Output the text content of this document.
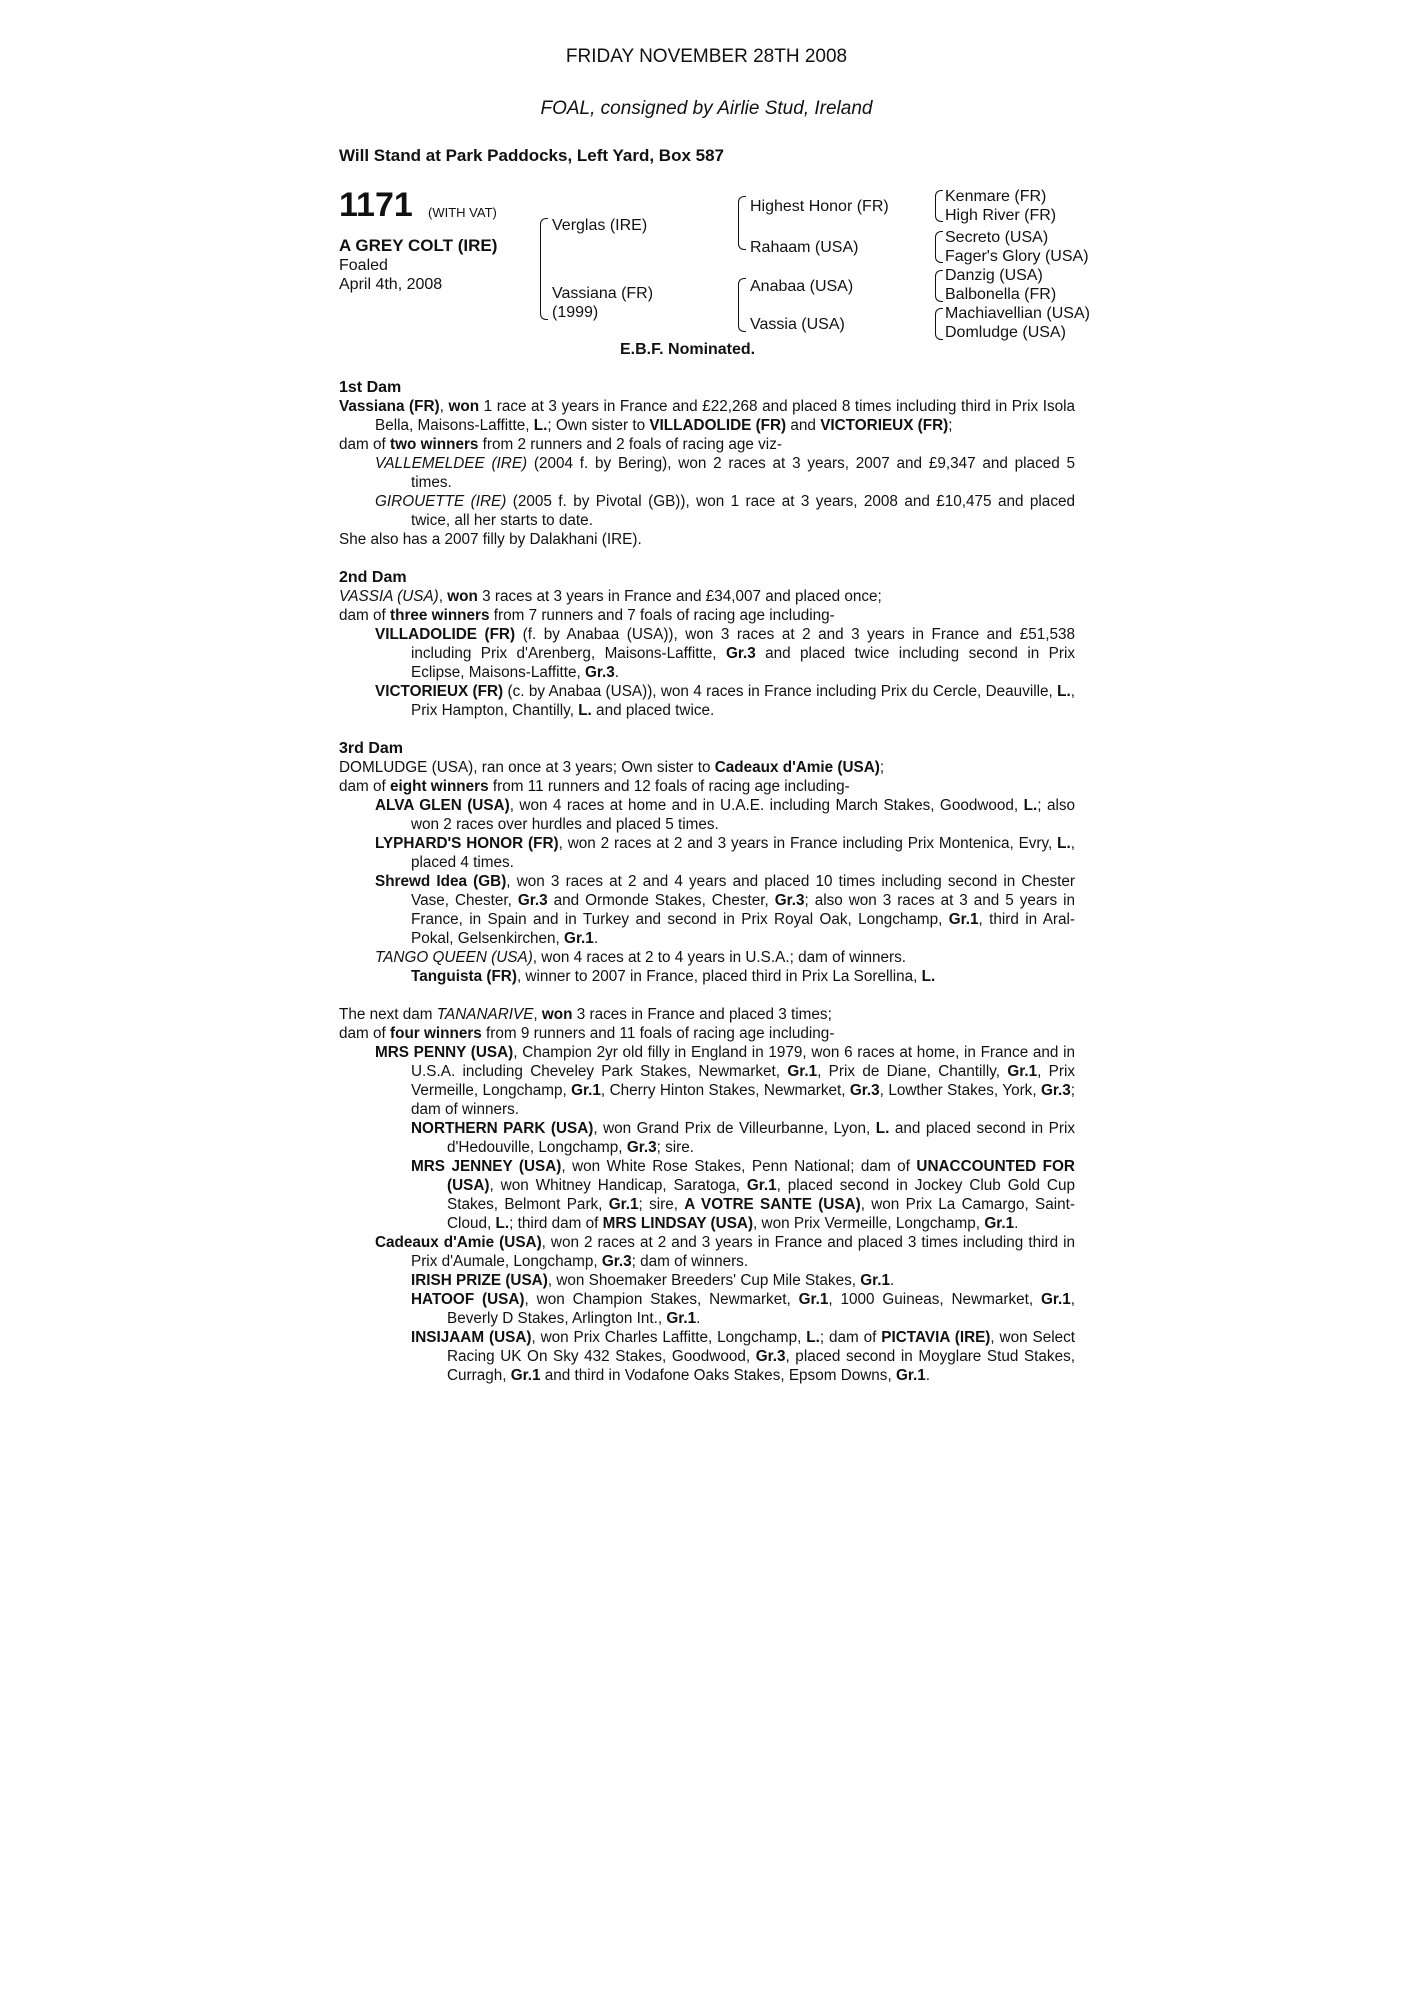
FRIDAY NOVEMBER 28TH 2008
FOAL, consigned by Airlie Stud, Ireland
Will Stand at Park Paddocks, Left Yard, Box 587
1171 (WITH VAT)
A GREY COLT (IRE)
Foaled
April 4th, 2008
Verglas (IRE)
Vassiana (FR)
(1999)
Highest Honor (FR)
Rahaam (USA)
Anabaa (USA)
Vassia (USA)
Kenmare (FR)
High River (FR)
Secreto (USA)
Fager's Glory (USA)
Danzig (USA)
Balbonella (FR)
Machiavellian (USA)
Domludge (USA)
E.B.F. Nominated.
1st Dam

Vassiana (FR), won 1 race at 3 years in France and £22,268 and placed 8 times including third in Prix Isola Bella, Maisons-Laffitte, L.; Own sister to VILLADOLIDE (FR) and VICTORIEUX (FR);

dam of two winners from 2 runners and 2 foals of racing age viz-

VALLEMELDEE (IRE) (2004 f. by Bering), won 2 races at 3 years, 2007 and £9,347 and placed 5 times.

GIROUETTE (IRE) (2005 f. by Pivotal (GB)), won 1 race at 3 years, 2008 and £10,475 and placed twice, all her starts to date.

She also has a 2007 filly by Dalakhani (IRE).

2nd Dam

VASSIA (USA), won 3 races at 3 years in France and £34,007 and placed once;

dam of three winners from 7 runners and 7 foals of racing age including-

VILLADOLIDE (FR) (f. by Anabaa (USA)), won 3 races at 2 and 3 years in France and £51,538 including Prix d'Arenberg, Maisons-Laffitte, Gr.3 and placed twice including second in Prix Eclipse, Maisons-Laffitte, Gr.3.

VICTORIEUX (FR) (c. by Anabaa (USA)), won 4 races in France including Prix du Cercle, Deauville, L., Prix Hampton, Chantilly, L. and placed twice.

3rd Dam

DOMLUDGE (USA), ran once at 3 years; Own sister to Cadeaux d'Amie (USA);

dam of eight winners from 11 runners and 12 foals of racing age including-

ALVA GLEN (USA), won 4 races at home and in U.A.E. including March Stakes, Goodwood, L.; also won 2 races over hurdles and placed 5 times.

LYPHARD'S HONOR (FR), won 2 races at 2 and 3 years in France including Prix Montenica, Evry, L., placed 4 times.

Shrewd Idea (GB), won 3 races at 2 and 4 years and placed 10 times including second in Chester Vase, Chester, Gr.3 and Ormonde Stakes, Chester, Gr.3; also won 3 races at 3 and 5 years in France, in Spain and in Turkey and second in Prix Royal Oak, Longchamp, Gr.1, third in Aral-Pokal, Gelsenkirchen, Gr.1.

TANGO QUEEN (USA), won 4 races at 2 to 4 years in U.S.A.; dam of winners.

Tanguista (FR), winner to 2007 in France, placed third in Prix La Sorellina, L.

The next dam TANANARIVE, won 3 races in France and placed 3 times;

dam of four winners from 9 runners and 11 foals of racing age including-

MRS PENNY (USA), Champion 2yr old filly in England in 1979, won 6 races at home, in France and in U.S.A. including Cheveley Park Stakes, Newmarket, Gr.1, Prix de Diane, Chantilly, Gr.1, Prix Vermeille, Longchamp, Gr.1, Cherry Hinton Stakes, Newmarket, Gr.3, Lowther Stakes, York, Gr.3; dam of winners.

NORTHERN PARK (USA), won Grand Prix de Villeurbanne, Lyon, L. and placed second in Prix d'Hedouville, Longchamp, Gr.3; sire.

MRS JENNEY (USA), won White Rose Stakes, Penn National; dam of UNACCOUNTED FOR (USA), won Whitney Handicap, Saratoga, Gr.1, placed second in Jockey Club Gold Cup Stakes, Belmont Park, Gr.1; sire, A VOTRE SANTE (USA), won Prix La Camargo, Saint-Cloud, L.; third dam of MRS LINDSAY (USA), won Prix Vermeille, Longchamp, Gr.1.

Cadeaux d'Amie (USA), won 2 races at 2 and 3 years in France and placed 3 times including third in Prix d'Aumale, Longchamp, Gr.3; dam of winners.

IRISH PRIZE (USA), won Shoemaker Breeders' Cup Mile Stakes, Gr.1.

HATOOF (USA), won Champion Stakes, Newmarket, Gr.1, 1000 Guineas, Newmarket, Gr.1, Beverly D Stakes, Arlington Int., Gr.1.

INSIJAAM (USA), won Prix Charles Laffitte, Longchamp, L.; dam of PICTAVIA (IRE), won Select Racing UK On Sky 432 Stakes, Goodwood, Gr.3, placed second in Moyglare Stud Stakes, Curragh, Gr.1 and third in Vodafone Oaks Stakes, Epsom Downs, Gr.1.
